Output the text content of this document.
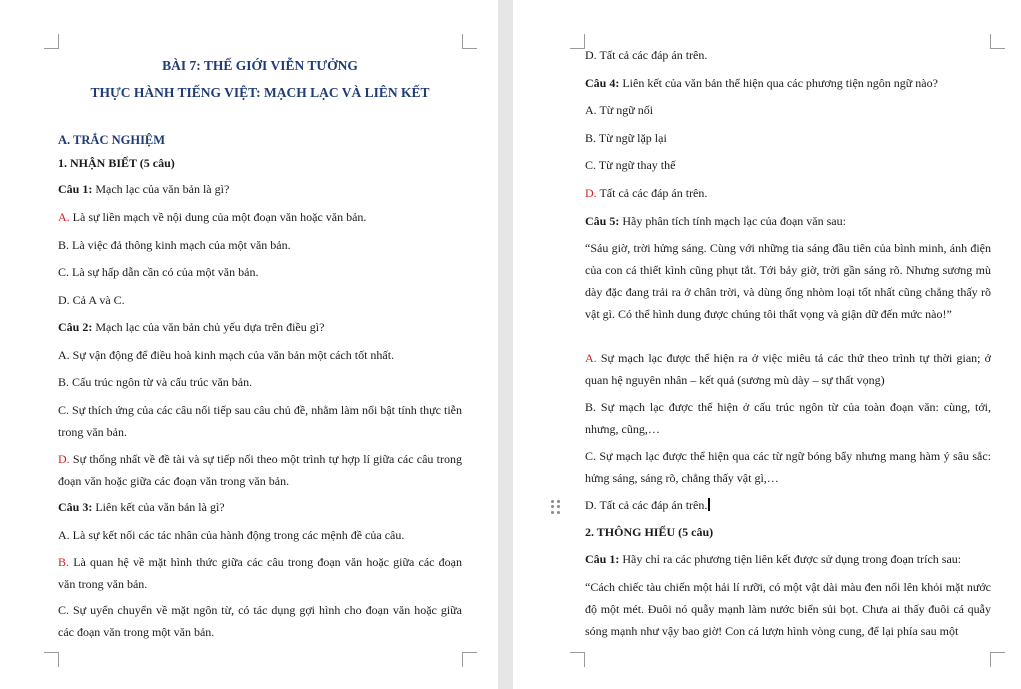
BÀI 7: THẾ GIỚI VIỄN TƯỞNG
THỰC HÀNH TIẾNG VIỆT: MẠCH LẠC VÀ LIÊN KẾT
A. TRẮC NGHIỆM
1. NHẬN BIẾT (5 câu)
Câu 1: Mạch lạc của văn bản là gì?
A. Là sự liền mạch về nội dung của một đoạn văn hoặc văn bản.
B. Là việc đả thông kinh mạch của một văn bản.
C. Là sự hấp dẫn cần có của một văn bản.
D. Cả A và C.
Câu 2: Mạch lạc của văn bản chủ yếu dựa trên điều gì?
A. Sự vận động để điều hoà kinh mạch của văn bản một cách tốt nhất.
B. Cấu trúc ngôn từ và cấu trúc văn bản.
C. Sự thích ứng của các câu nối tiếp sau câu chủ đề, nhằm làm nổi bật tính thực tiễn trong văn bản.
D. Sự thống nhất về đề tài và sự tiếp nối theo một trình tự hợp lí giữa các câu trong đoạn văn hoặc giữa các đoạn văn trong văn bản.
Câu 3: Liên kết của văn bản là gì?
A. Là sự kết nối các tác nhân của hành động trong các mệnh đề của câu.
B. Là quan hệ về mặt hình thức giữa các câu trong đoạn văn hoặc giữa các đoạn văn trong văn bản.
C. Sự uyển chuyển về mặt ngôn từ, có tác dụng gợi hình cho đoạn văn hoặc giữa các đoạn văn trong một văn bản.
D. Tất cả các đáp án trên.
Câu 4: Liên kết của văn bản thể hiện qua các phương tiện ngôn ngữ nào?
A. Từ ngữ nối
B. Từ ngữ lặp lại
C. Từ ngữ thay thế
D. Tất cả các đáp án trên.
Câu 5: Hãy phân tích tính mạch lạc của đoạn văn sau:
“Sáu giờ, trời hửng sáng. Cùng với những tia sáng đầu tiên của bình minh, ánh điện của con cá thiết kình cũng phụt tắt. Tới bảy giờ, trời gần sáng rõ. Nhưng sương mù dày đặc đang trải ra ở chân trời, và dùng ống nhòm loại tốt nhất cũng chẳng thấy rõ vật gì. Có thể hình dung được chúng tôi thất vọng và giận dữ đến mức nào!”
A. Sự mạch lạc được thể hiện ra ở việc miêu tả các thứ theo trình tự thời gian; ở quan hệ nguyên nhân – kết quả (sương mù dày – sự thất vọng)
B. Sự mạch lạc được thể hiện ở cấu trúc ngôn từ của toàn đoạn văn: cùng, tới, nhưng, cũng,…
C. Sự mạch lạc được thể hiện qua các từ ngữ bóng bẩy nhưng mang hàm ý sâu sắc: hửng sáng, sáng rõ, chẳng thấy vật gì,…
D. Tất cả các đáp án trên.
2. THÔNG HIỂU (5 câu)
Câu 1: Hãy chỉ ra các phương tiện liên kết được sử dụng trong đoạn trích sau:
“Cách chiếc tàu chiến một hải lí rưỡi, có một vật dài màu đen nổi lên khỏi mặt nước độ một mét. Đuôi nó quẫy mạnh làm nước biển sủi bọt. Chưa ai thấy đuôi cá quẫy sóng mạnh như vậy bao giờ! Con cá lượn hình vòng cung, để lại phía sau một
